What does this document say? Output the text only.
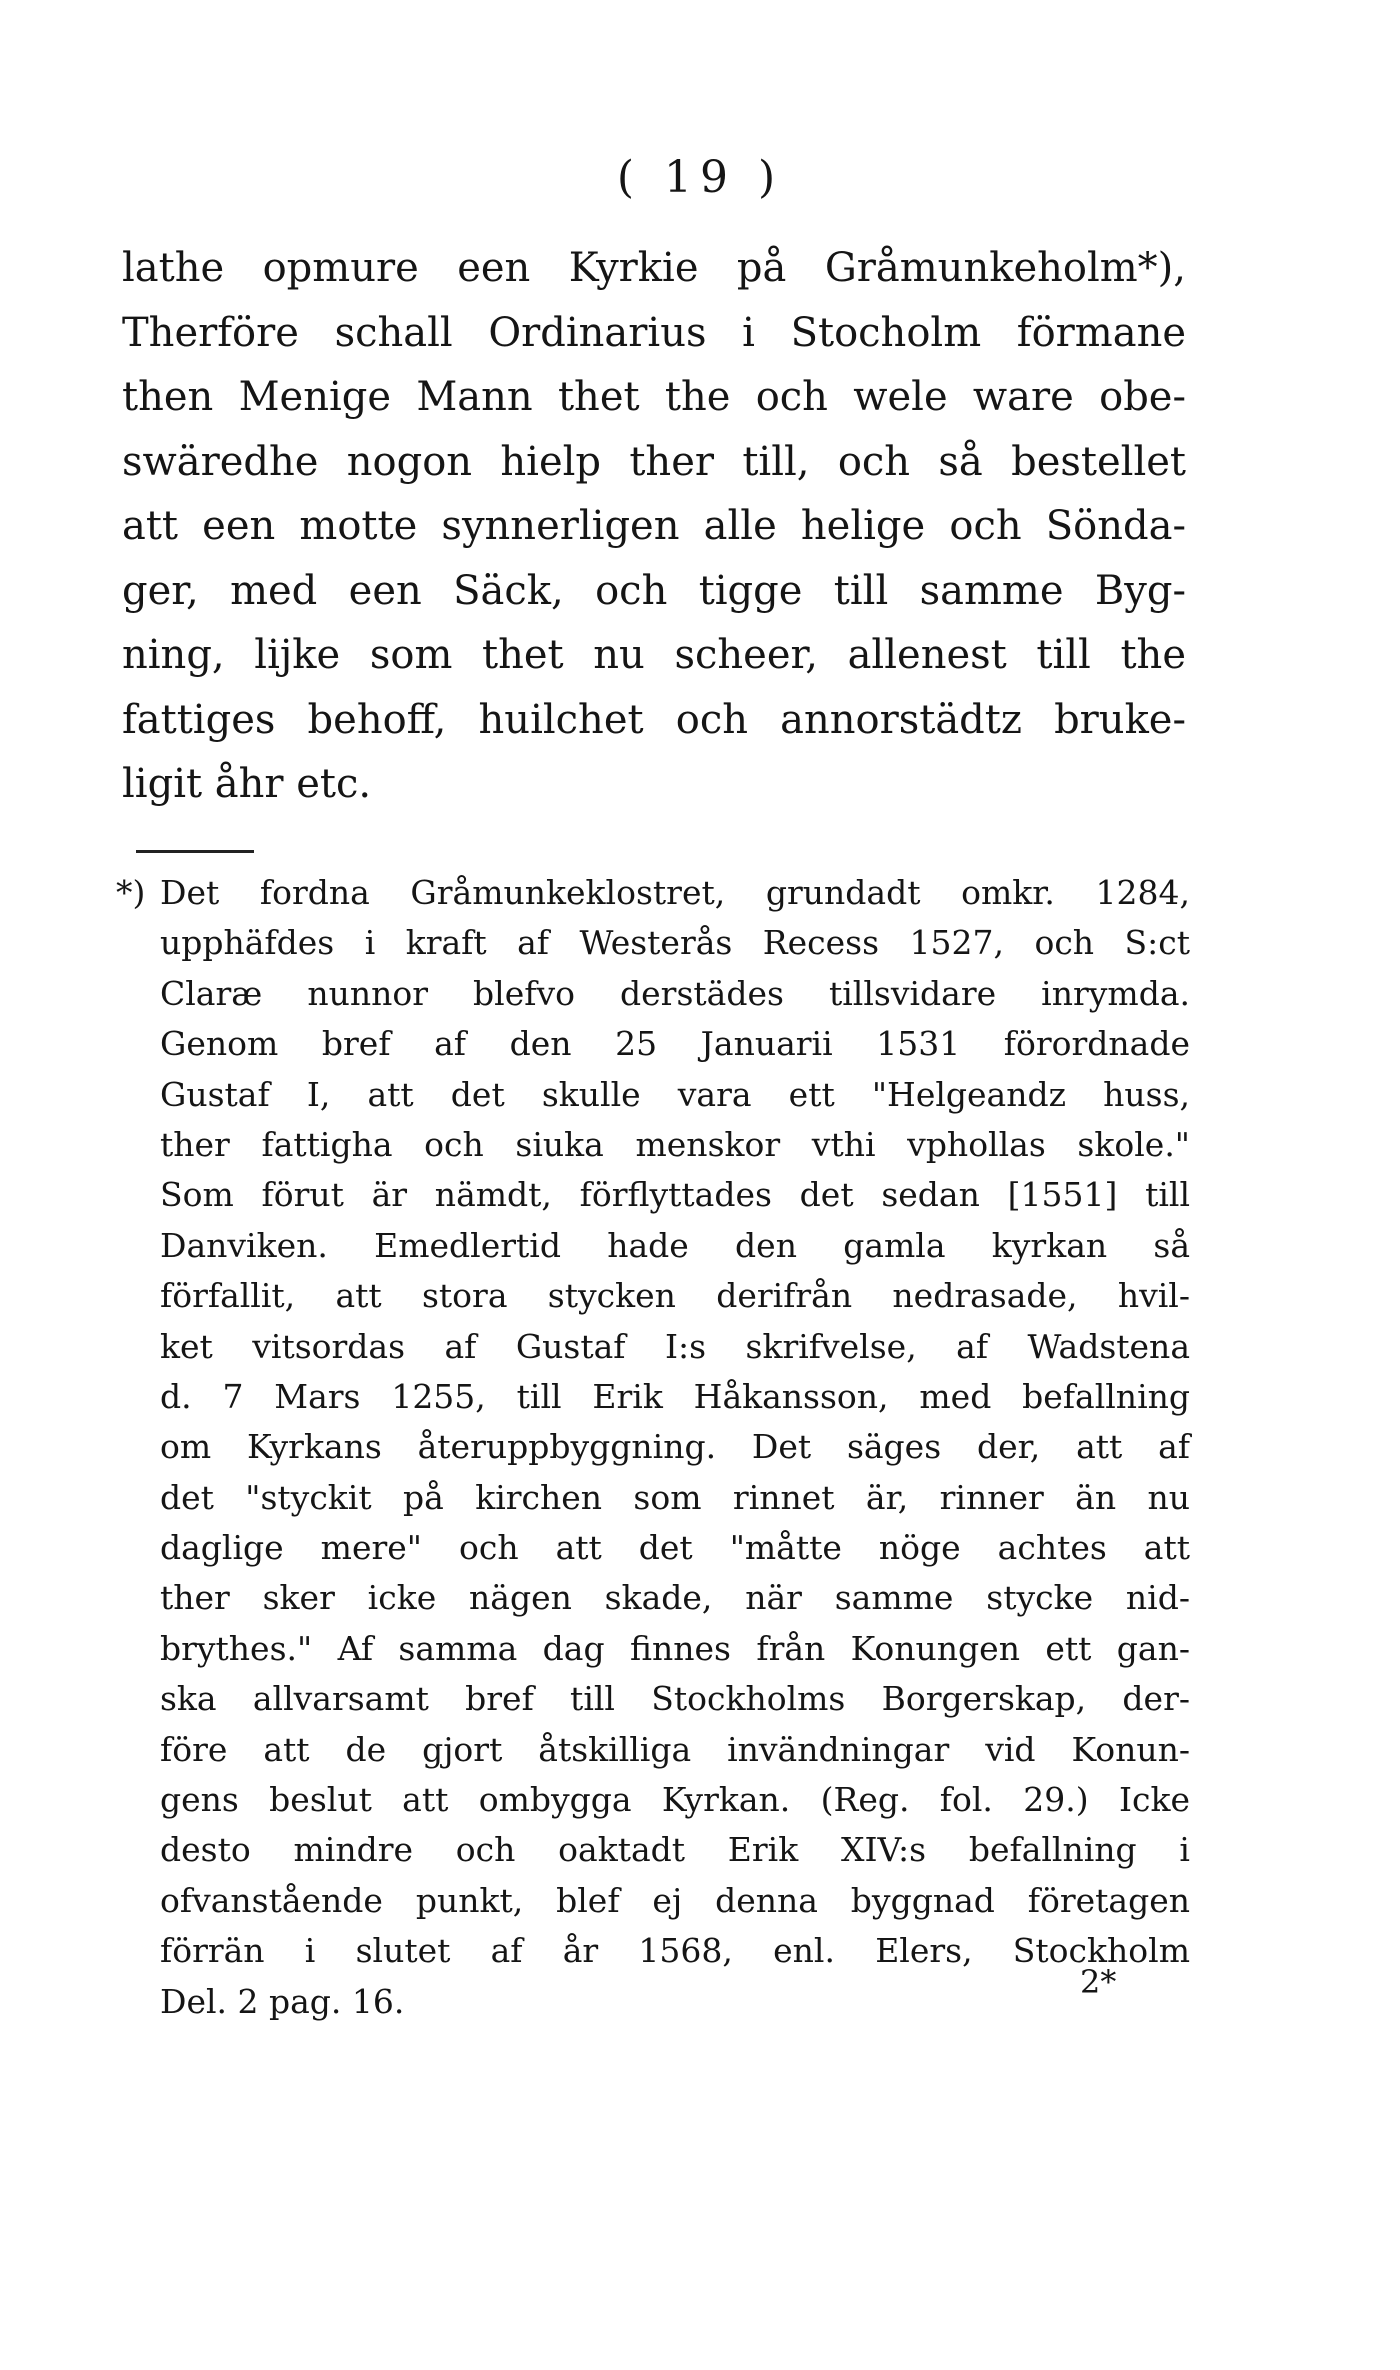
( 19 )
lathe opmure een Kyrkie på Gråmunkeholm*),
Therföre schall Ordinarius i Stocholm förmane
then Menige Mann thet the och wele ware obe-
swäredhe nogon hielp ther till, och så bestellet
att een motte synnerligen alle helige och Sönda-
ger, med een Säck, och tigge till samme Byg-
ning, lijke som thet nu scheer, allenest till the
fattiges behoff, huilchet och annorstädtz bruke-
ligit åhr etc.
*) Det fordna Gråmunkeklostret, grundadt omkr. 1284,
upphäfdes i kraft af Westerås Recess 1527, och S:ct
Claræ nunnor blefvo derstädes tillsvidare inrymda.
Genom bref af den 25 Januarii 1531 förordnade
Gustaf I, att det skulle vara ett "Helgeandz huss,
ther fattigha och siuka menskor vthi vphollas skole."
Som förut är nämdt, förflyttades det sedan [1551] till
Danviken. Emedlertid hade den gamla kyrkan så
förfallit, att stora stycken derifrån nedrasade, hvil-
ket vitsordas af Gustaf I:s skrifvelse, af Wadstena
d. 7 Mars 1255, till Erik Håkansson, med befallning
om Kyrkans återuppbyggning. Det säges der, att af
det "styckit på kirchen som rinnet är, rinner än nu
daglige mere" och att det "måtte nöge achtes att
ther sker icke nägen skade, när samme stycke nid-
brythes." Af samma dag finnes från Konungen ett gan-
ska allvarsamt bref till Stockholms Borgerskap, der-
före att de gjort åtskilliga invändningar vid Konun-
gens beslut att ombygga Kyrkan. (Reg. fol. 29.) Icke
desto mindre och oaktadt Erik XIV:s befallning i
ofvanstående punkt, blef ej denna byggnad företagen
förrän i slutet af år 1568, enl. Elers, Stockholm
Del. 2 pag. 16.	2*
